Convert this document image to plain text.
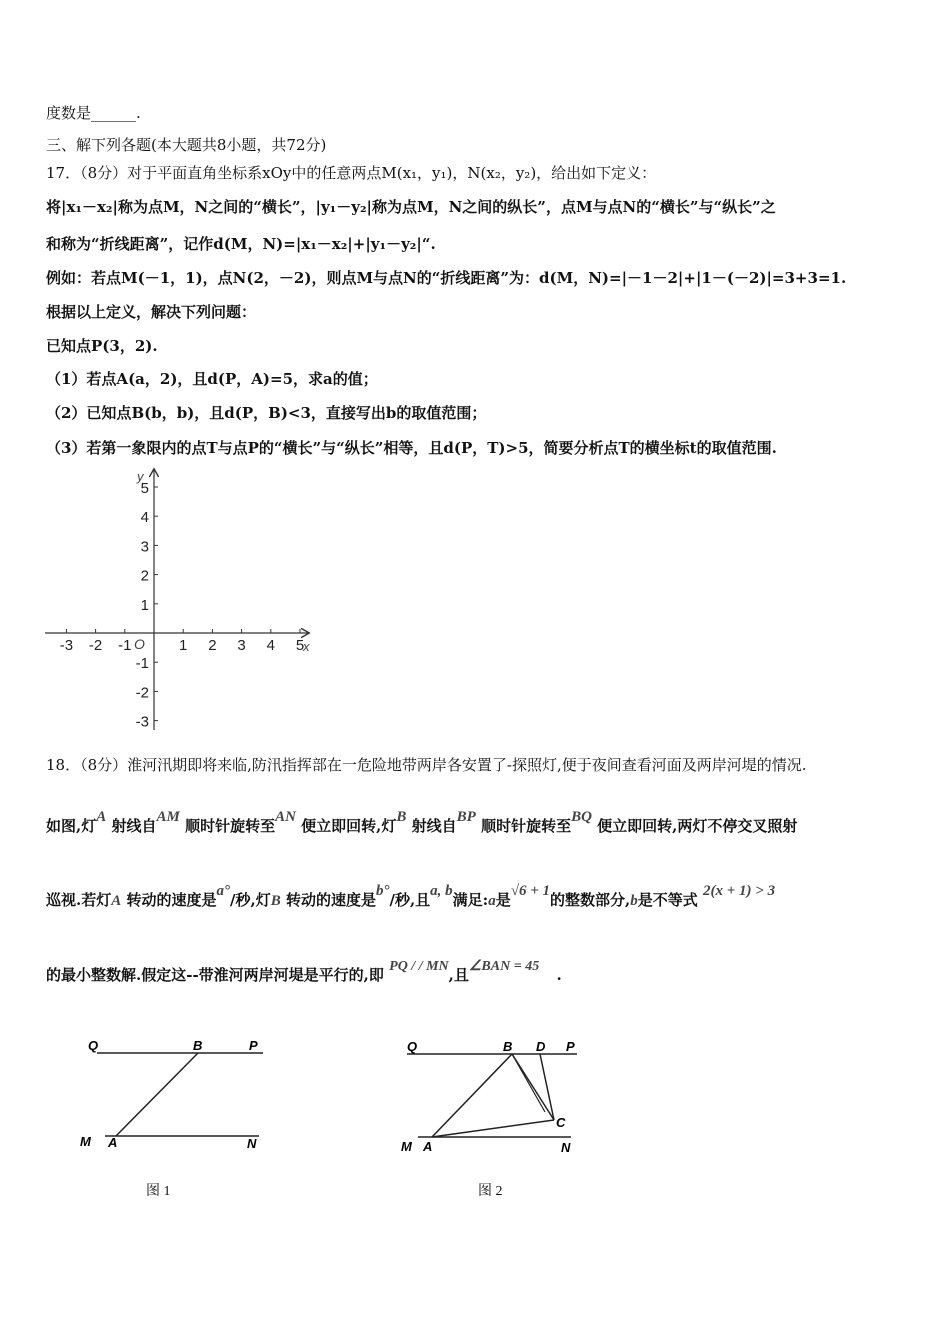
度数是______.
三、解下列各题(本大题共8小题，共72分)
17．（8分）对于平面直角坐标系xOy中的任意两点M(x₁，y₁)，N(x₂，y₂)，给出如下定义：
将|x₁－x₂|称为点M，N之间的“横长”，|y₁－y₂|称为点M，N之间的纵长”，点M与点N的“横长”与“纵长”之
和称为“折线距离”，记作d(M，N)=|x₁－x₂|+|y₁－y₂|“.
例如：若点M(－1，1)，点N(2，－2)，则点M与点N的“折线距离”为：d(M，N)=|－1－2|+|1－(－2)|=3+3=1.
根据以上定义，解决下列问题：
已知点P(3，2).
（1）若点A(a，2)，且d(P，A)=5，求a的值；
（2）已知点B(b，b)，且d(P，B)<3，直接写出b的取值范围；
（3）若第一象限内的点T与点P的“横长”与“纵长”相等，且d(P，T)>5，简要分析点T的横坐标t的取值范围.
-3 -2 -1	1 2 3 4 5
5
4
3
2
1
-1
-2
-3
y
x
O
18．（8分）淮河汛期即将来临,防汛指挥部在一危险地带两岸各安置了-探照灯,便于夜间查看河面及两岸河堤的情况.
如图,灯A 射线自AM 顺时针旋转至AN 便立即回转,灯B 射线自BP 顺时针旋转至BQ 便立即回转,两灯不停交叉照射
巡视.若灯A 转动的速度是a°/秒,灯B 转动的速度是b°/秒,且a, b满足:a是√6 + 1的整数部分,b是不等式 2(x + 1) > 3
的最小整数解.假定这--带淮河两岸河堤是平行的,即 PQ / / MN,且∠BAN = 45 .
Q	B	P
M A	N
图 1
Q	B D P
C
M A	N
图 2
